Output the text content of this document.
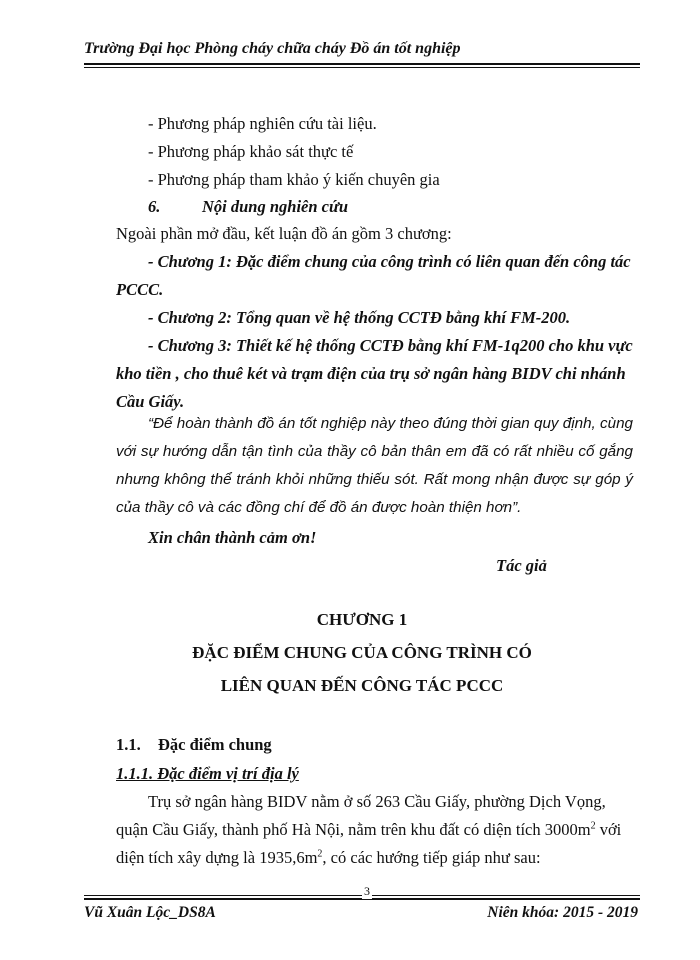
Trường Đại học Phòng cháy chữa cháy Đồ án tốt nghiệp
- Phương pháp nghiên cứu tài liệu.
- Phương pháp khảo sát thực tế
- Phương pháp tham khảo ý kiến chuyên gia
6.	Nội dung nghiên cứu
Ngoài phần mở đầu, kết luận đồ án gồm 3 chương:
- Chương 1: Đặc điểm chung của công trình có liên quan đến công tác
PCCC.
- Chương 2: Tổng quan về hệ thống CCTĐ bằng khí FM-200.
- Chương 3: Thiết kế hệ thống CCTĐ bằng khí FM-1q200 cho khu vực
kho tiền , cho thuê két và trạm điện của trụ sở ngân hàng BIDV chi nhánh
Cầu Giấy.
“Để hoàn thành đồ án tốt nghiệp này theo đúng thời gian quy định, cùng
với sự hướng dẫn tận tình của thầy cô bản thân em đã có rất nhiều cố gắng
nhưng không thể tránh khỏi những thiếu sót. Rất mong nhận được sự góp ý
của thầy cô và các đồng chí để đồ án được hoàn thiện hơn”.
Xin chân thành cảm ơn!
Tác giả
CHƯƠNG 1
ĐẶC ĐIỂM CHUNG CỦA CÔNG TRÌNH CÓ
LIÊN QUAN ĐẾN CÔNG TÁC PCCC
1.1. Đặc điểm chung
1.1.1. Đặc điểm vị trí địa lý
Trụ sở ngân hàng BIDV nằm ở số 263 Cầu Giấy, phường Dịch Vọng,
quận Cầu Giấy, thành phố Hà Nội, nằm trên khu đất có diện tích $3000m^2$ với
diện tích xây dựng là $1935,6m^2$, có các hướng tiếp giáp như sau:
3
Vũ Xuân Lộc_DS8A	Niên khóa: 2015 - 2019
